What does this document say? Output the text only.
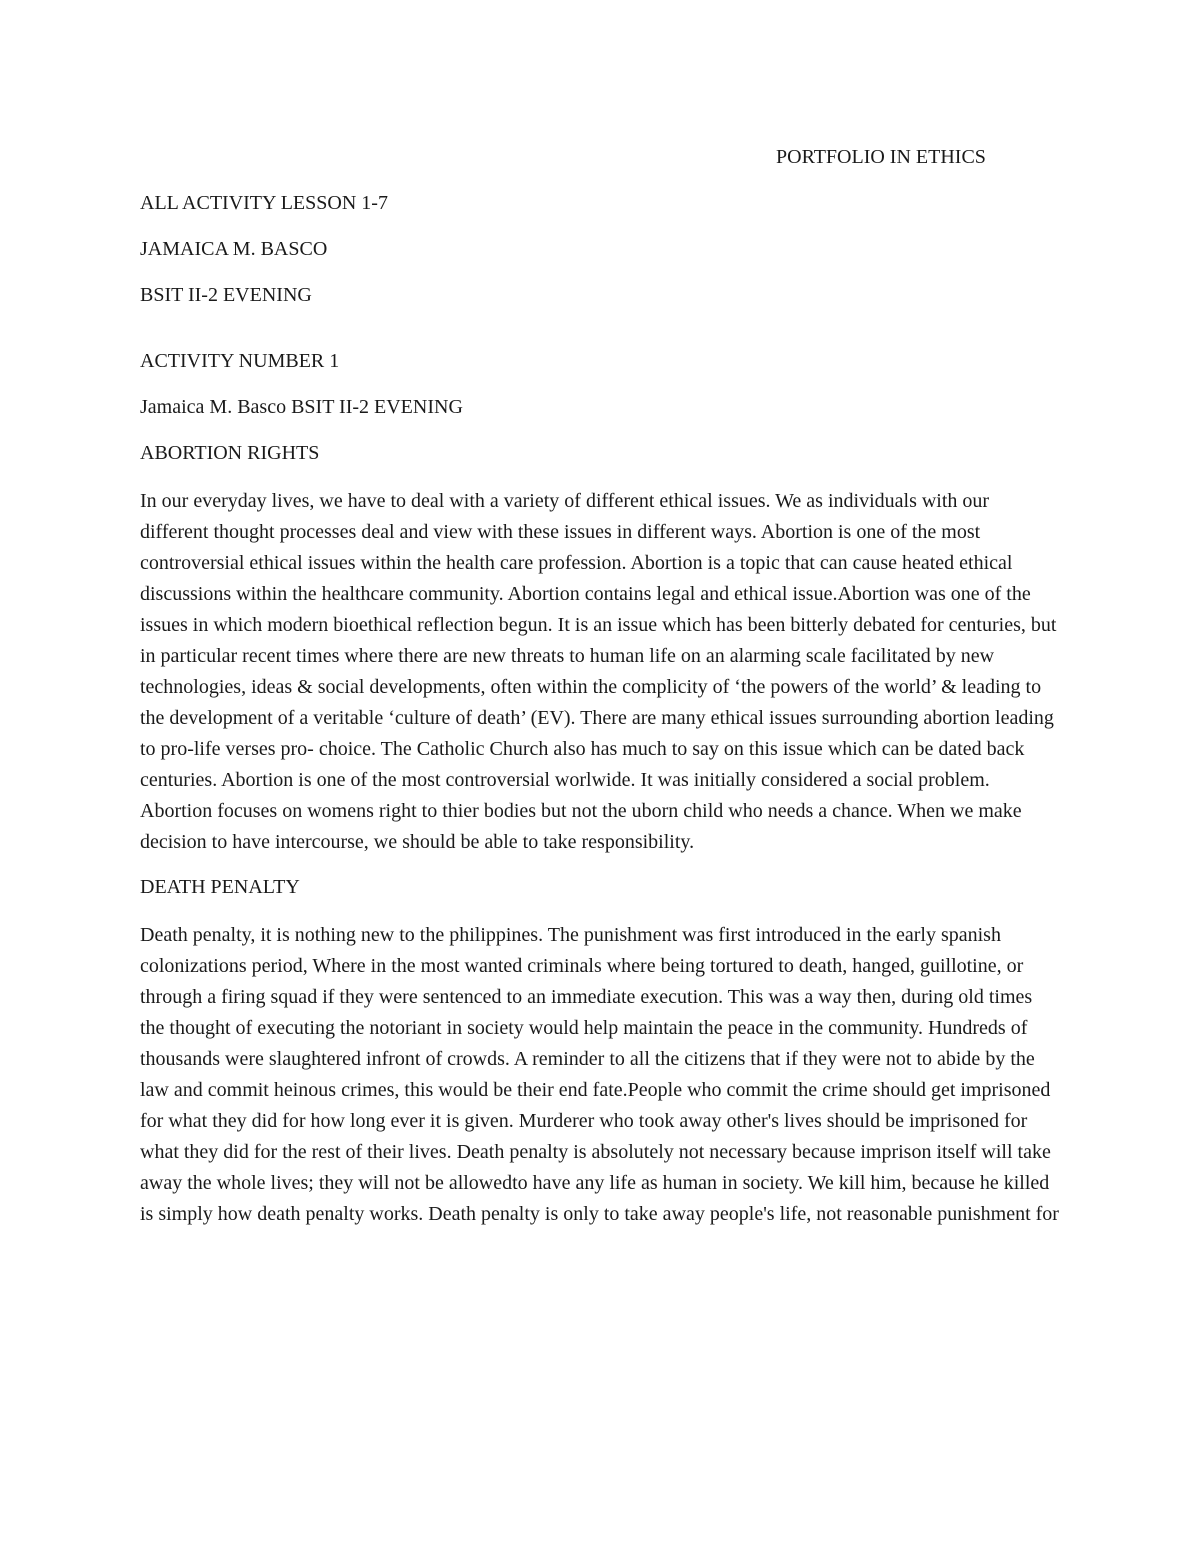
PORTFOLIO IN ETHICS
ALL ACTIVITY LESSON 1-7
JAMAICA M. BASCO
BSIT II-2 EVENING
ACTIVITY NUMBER 1
Jamaica M. Basco BSIT II-2 EVENING
ABORTION RIGHTS

In our everyday lives, we have to deal with a variety of different ethical issues. We as individuals with our different thought processes deal and view with these issues in different ways. Abortion is one of the most controversial ethical issues within the health care profession. Abortion is a topic that can cause heated ethical discussions within the healthcare community. Abortion contains legal and ethical issue.Abortion was one of the issues in which modern bioethical reflection begun. It is an issue which has been bitterly debated for centuries, but in particular recent times where there are new threats to human life on an alarming scale facilitated by new technologies, ideas & social developments, often within the complicity of ‘the powers of the world’ & leading to the development of a veritable ‘culture of death’ (EV). There are many ethical issues surrounding abortion leading to pro-life verses pro- choice. The Catholic Church also has much to say on this issue which can be dated back centuries. Abortion is one of the most controversial worlwide. It was initially considered a social problem. Abortion focuses on womens right to thier bodies but not the uborn child who needs a chance. When we make decision to have intercourse, we should be able to take responsibility.

DEATH PENALTY

Death penalty, it is nothing new to the philippines. The punishment was first introduced in the early spanish colonizations period, Where in the most wanted criminals where being tortured to death, hanged, guillotine, or through a firing squad if they were sentenced to an immediate execution. This was a way then, during old times the thought of executing the notoriant in society would help maintain the peace in the community. Hundreds of thousands were slaughtered infront of crowds. A reminder to all the citizens that if they were not to abide by the law and commit heinous crimes, this would be their end fate.People who commit the crime should get imprisoned for what they did for how long ever it is given. Murderer who took away other's lives should be imprisoned for what they did for the rest of their lives. Death penalty is absolutely not necessary because imprison itself will take away the whole lives; they will not be allowedto have any life as human in society. We kill him, because he killed is simply how death penalty works. Death penalty is only to take away people's life, not reasonable punishment for
